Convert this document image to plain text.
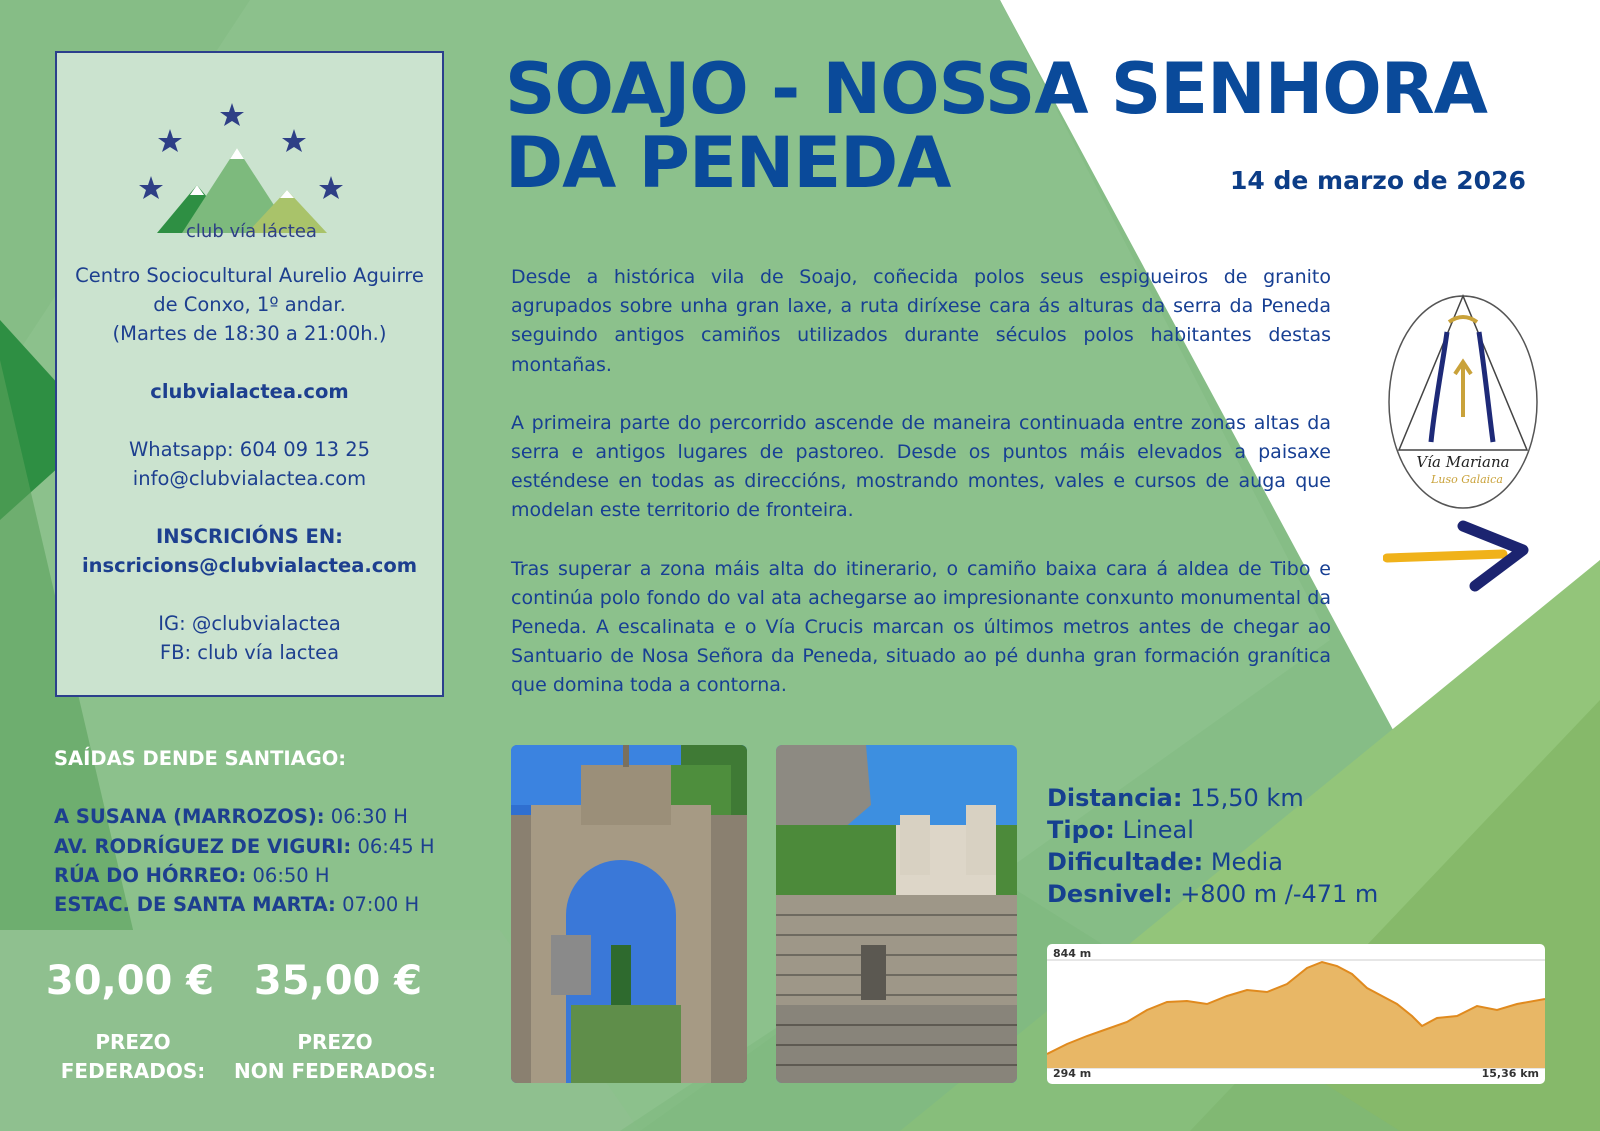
club vía láctea
Centro Sociocultural Aurelio Aguirre
de Conxo, 1º andar.
(Martes de 18:30 a 21:00h.)
clubvialactea.com
Whatsapp: 604 09 13 25
info@clubvialactea.com
INSCRICIÓNS EN:
inscricions@clubvialactea.com
IG: @clubvialactea
FB: club vía lactea
SOAJO - NOSSA SENHORA
DA PENEDA	14 de marzo de 2026

Desde a histórica vila de Soajo, coñecida polos seus espigueiros de granito agrupados sobre unha gran laxe, a ruta diríxese cara ás alturas da serra da Peneda seguindo antigos camiños utilizados durante séculos polos habitantes destas montañas.

A primeira parte do percorrido ascende de maneira continuada entre zonas altas da serra e antigos lugares de pastoreo. Desde os puntos máis elevados a paisaxe esténdese en todas as direccións, mostrando montes, vales e cursos de auga que modelan este territorio de fronteira.

Tras superar a zona máis alta do itinerario, o camiño baixa cara á aldea de Tibo e continúa polo fondo do val ata achegarse ao impresionante conxunto monumental da Peneda. A escalinata e o Vía Crucis marcan os últimos metros antes de chegar ao Santuario de Nosa Señora da Peneda, situado ao pé dunha gran formación granítica que domina toda a contorna.

Vía Mariana
Luso Galaica
SAÍDAS DENDE SANTIAGO:
A SUSANA (MARROZOS): 06:30 H
AV. RODRÍGUEZ DE VIGURI: 06:45 H
RÚA DO HÓRREO: 06:50 H
ESTAC. DE SANTA MARTA: 07:00 H
30,00 € 35,00 €
PREZO
FEDERADOS:
PREZO
NON FEDERADOS:
Distancia: 15,50 km
Tipo: Lineal
Dificultade: Media
Desnivel: +800 m /-471 m
844 m
294 m	15,36 km
